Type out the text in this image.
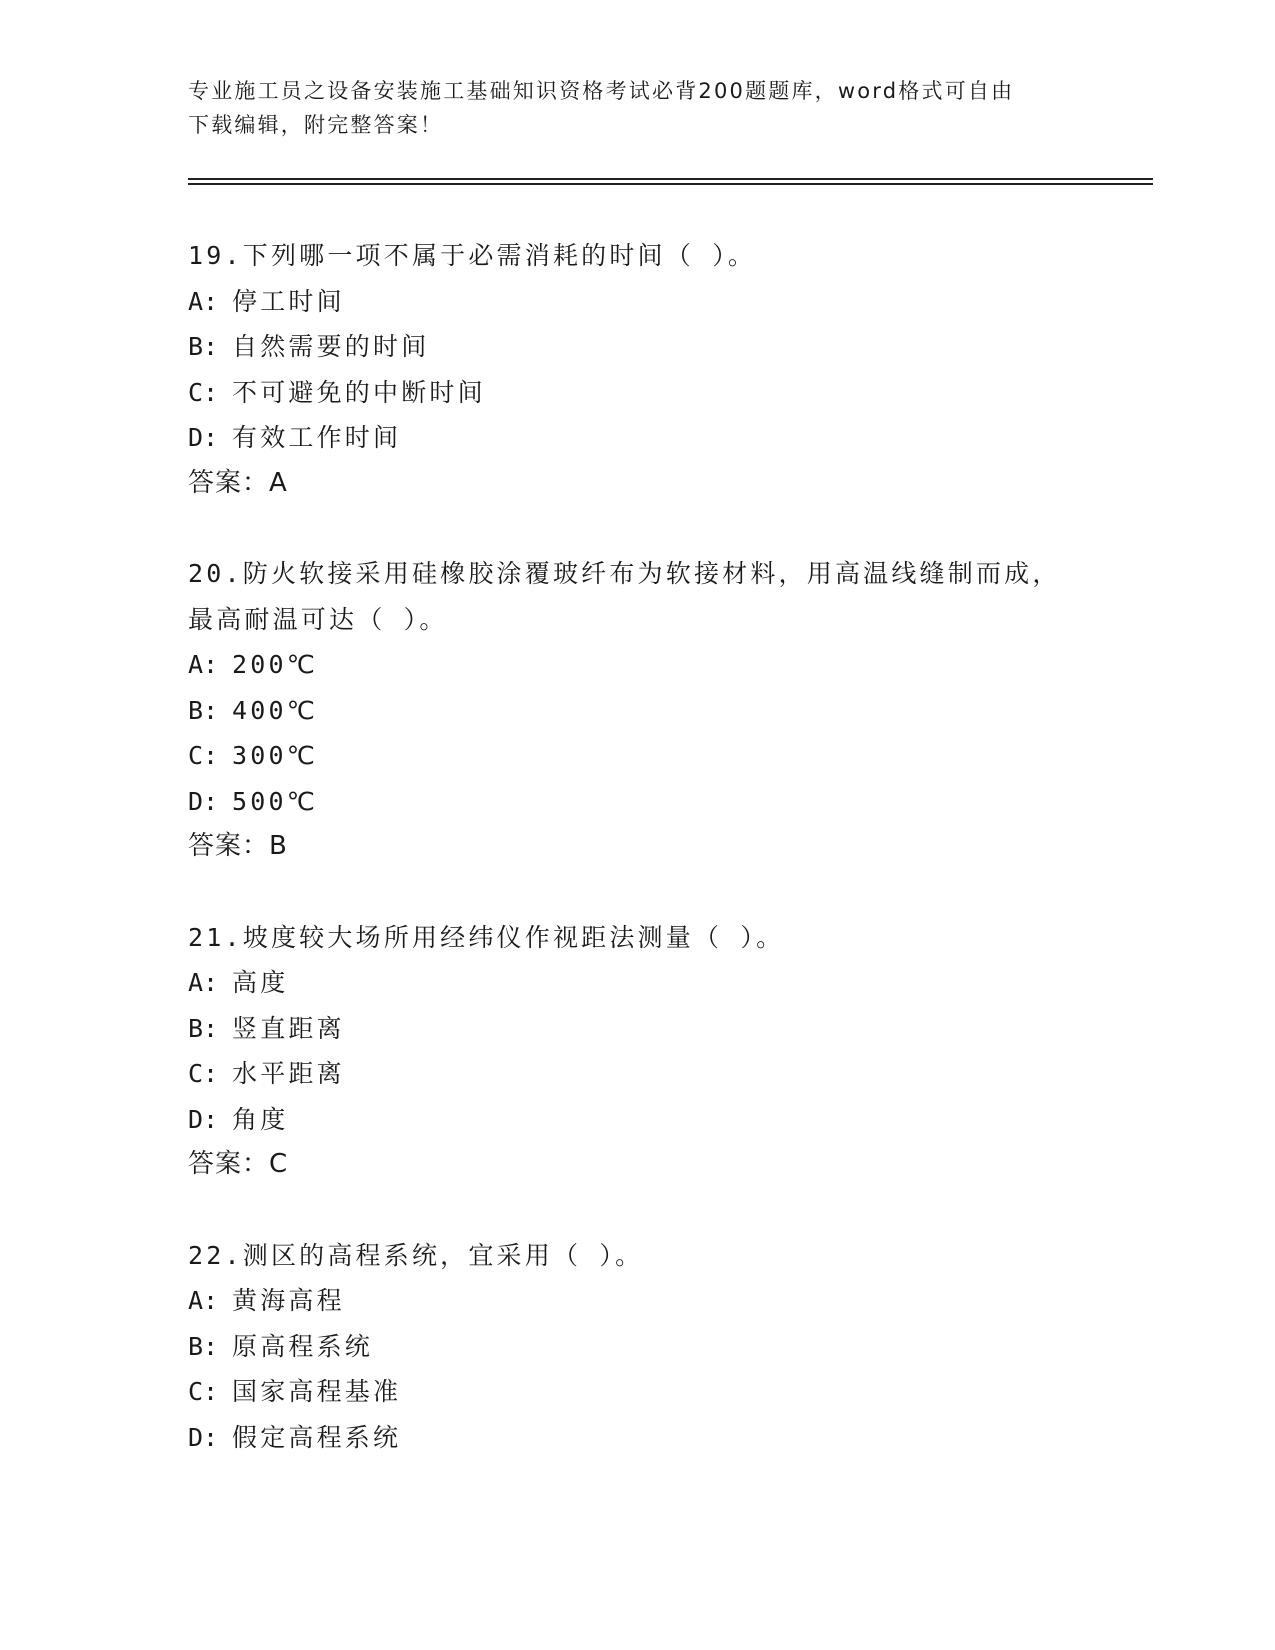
专业施工员之设备安装施工基础知识资格考试必背200题题库，word格式可自由
下载编辑，附完整答案！
19.下列哪一项不属于必需消耗的时间（ ）。
A: 停工时间
B: 自然需要的时间
C: 不可避免的中断时间
D: 有效工作时间
答案：A
20.防火软接采用硅橡胶涂覆玻纤布为软接材料，用高温线缝制而成，
最高耐温可达（ ）。
A: 200℃
B: 400℃
C: 300℃
D: 500℃
答案：B
21.坡度较大场所用经纬仪作视距法测量（ ）。
A: 高度
B: 竖直距离
C: 水平距离
D: 角度
答案：C
22.测区的高程系统，宜采用（ ）。
A: 黄海高程
B: 原高程系统
C: 国家高程基准
D: 假定高程系统
